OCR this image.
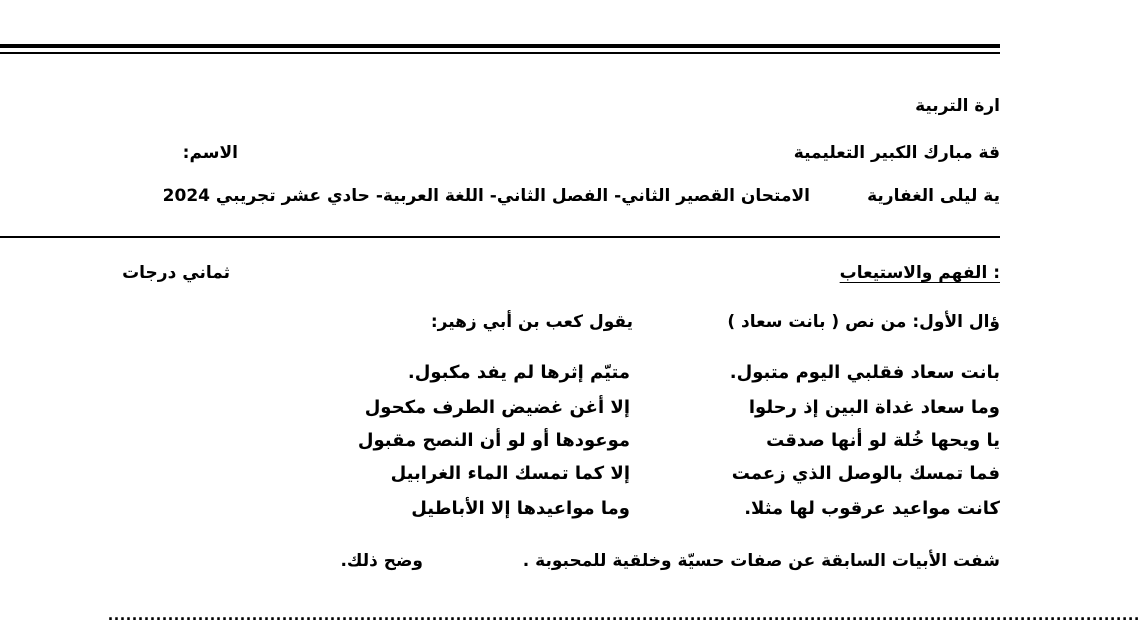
ارة التربية
قة مبارك الكبير التعليمية
الاسم:
ية ليلى الغفارية
الامتحان القصير الثاني- الفصل الثاني- اللغة العربية- حادي عشر تجريبي 2024
: الفهم والاستيعاب
ثماني درجات
ؤال الأول: من نص ( بانت سعاد )
يقول كعب بن أبي زهير:
بانت سعاد فقلبي اليوم متبول.
متيّم إثرها لم يفد مكبول.
وما سعاد غداة البين إذ رحلوا
إلا أغن غضيض الطرف مكحول
يا ويحها خُلة لو أنها صدقت
موعودها أو لو أن النصح مقبول
فما تمسك بالوصل الذي زعمت
إلا كما تمسك الماء الغرابيل
كانت مواعيد عرقوب لها مثلا.
وما مواعيدها إلا الأباطيل
شفت الأبيات السابقة عن صفات حسيّة وخلقية للمحبوبة .
وضح ذلك.
............................................................................................................................................................................
